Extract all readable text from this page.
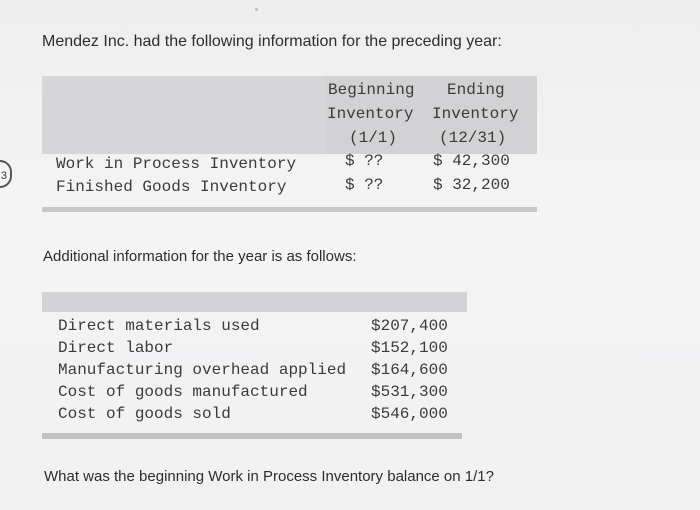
3
Mendez Inc. had the following information for the preceding year:
Beginning
Inventory
(1/1)
Ending
Inventory
(12/31)
Work in Process Inventory	$ ??	$ 42,300
Finished Goods Inventory	$ ??	$ 32,200
Additional information for the year is as follows:
Direct materials used	$207,400
Direct labor	$152,100
Manufacturing overhead applied $164,600
Cost of goods manufactured	$531,300
Cost of goods sold	$546,000
What was the beginning Work in Process Inventory balance on 1/1?
